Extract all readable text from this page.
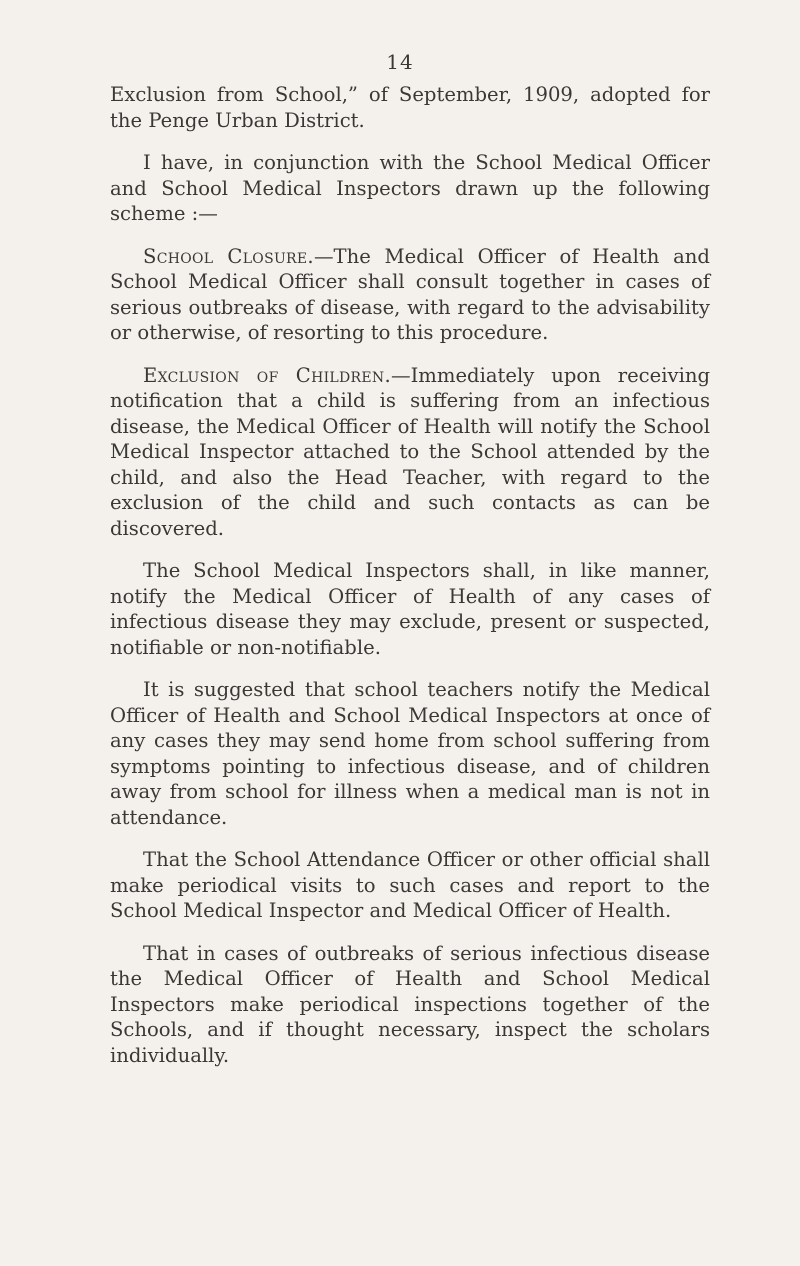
14

Exclusion from School,” of September, 1909, adopted for the Penge Urban District.

I have, in conjunction with the School Medical Officer and School Medical Inspectors drawn up the following scheme :—

School Closure.—The Medical Officer of Health and School Medical Officer shall consult together in cases of serious outbreaks of disease, with regard to the advisability or otherwise, of resorting to this procedure.

Exclusion of Children.—Immediately upon receiving notification that a child is suffering from an infectious disease, the Medical Officer of Health will notify the School Medical Inspector attached to the School attended by the child, and also the Head Teacher, with regard to the exclusion of the child and such contacts as can be discovered.

The School Medical Inspectors shall, in like manner, notify the Medical Officer of Health of any cases of infectious disease they may exclude, present or suspected, notifiable or non-notifiable.

It is suggested that school teachers notify the Medical Officer of Health and School Medical Inspectors at once of any cases they may send home from school suffering from symptoms pointing to infectious disease, and of children away from school for illness when a medical man is not in attendance.

That the School Attendance Officer or other official shall make periodical visits to such cases and report to the School Medical Inspector and Medical Officer of Health.

That in cases of outbreaks of serious infectious disease the Medical Officer of Health and School Medical Inspectors make periodical inspections together of the Schools, and if thought necessary, inspect the scholars individually.
